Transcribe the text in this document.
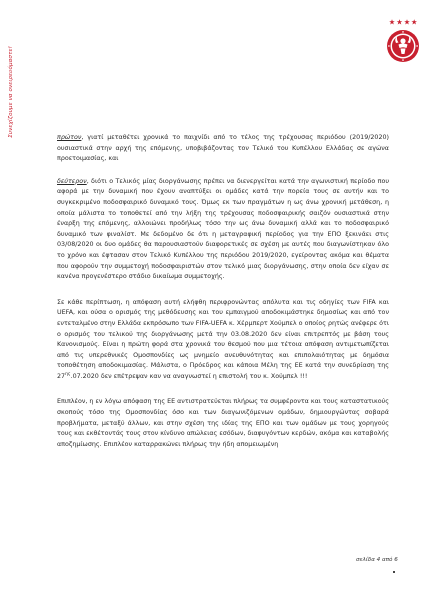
Συνεχίζουμε να ονειρευόμαστε!	πρώτον, γιατί μεταθέτει χρονικά το παιχνίδι από το τέλος της τρέχουσας περιόδου (2019/2020) ουσιαστικά στην αρχή της επόμενης, υποβιβάζοντας τον Τελικό του Κυπέλλου Ελλάδας σε αγώνα προετοιμασίας, και

δεύτερον, διότι ο Τελικός μίας διοργάνωσης πρέπει να διενεργείται κατά την αγωνιστική περίοδο που αφορά με την δυναμική που έχουν αναπτύξει οι ομάδες κατά την πορεία τους σε αυτήν και το συγκεκριμένο ποδοσφαιρικό δυναμικό τους. Όμως εκ των πραγμάτων η ως άνω χρονική μετάθεση, η οποία μάλιστα το τοποθετεί από την λήξη της τρέχουσας ποδοσφαιρικής σαιζόν ουσιαστικά στην έναρξη της επόμενης, αλλοιώνει προδήλως τόσο την ως άνω δυναμική αλλά και το ποδοσφαιρικό δυναμικό των φιναλίστ. Με δεδομένο δε ότι η μεταγραφική περίοδος για την ΕΠΟ ξεκινάει στις 03/08/2020 οι δυο ομάδες θα παρουσιαστούν διαφορετικές σε σχέση με αυτές που διαγωνίστηκαν όλο το χρόνο και έφτασαν στον Τελικό Κυπέλλου της περιόδου 2019/2020, εγείροντας ακόμα και θέματα που αφορούν την συμμετοχή ποδοσφαιριστών στον τελικό μιας διοργάνωσης, στην οποία δεν είχαν σε κανένα προγενέστερο στάδιο δικαίωμα συμμετοχής.

Σε κάθε περίπτωση, η απόφαση αυτή ελήφθη περιφρονώντας απόλυτα και τις οδηγίες των FIFA και UEFA, και ούσα ο ορισμός της μεθόδευσης και του εμπαιγμού αποδοκιμάστηκε δημοσίως και από τον εντεταλμένο στην Ελλάδα εκπρόσωπο των FIFA-UEFA κ. Χέρμπερτ Χούμπελ ο οποίος ρητώς ανέφερε ότι ο ορισμός του τελικού της διοργάνωσης μετά την 03.08.2020 δεν είναι επιτρεπτός με βάση τους Κανονισμούς. Είναι η πρώτη φορά στα χρονικά του θεσμού που μια τέτοια απόφαση αντιμετωπίζεται από τις υπερεθνικές Ομοσπονδίες ως μνημείο ανευθυνότητας και επιπολαιότητας με δημόσια τοποθέτηση αποδοκιμασίας. Μάλιστα, ο Πρόεδρος και κάποια Μέλη της ΕΕ κατά την συνεδρίαση της $27^{\eta\varsigma}.07.2020$ δεν επέτρεψαν καν να αναγνωστεί η επιστολή του κ. Χούμπελ !!!

Επιπλέον, η εν λόγω απόφαση της ΕΕ αντιστρατεύεται πλήρως τα συμφέροντα και τους καταστατικούς σκοπούς τόσο της Ομοσπονδίας όσο και των διαγωνιζόμενων ομάδων, δημιουργώντας σοβαρά προβλήματα, μεταξύ άλλων, και στην σχέση της ιδίας της ΕΠΟ και των ομάδων με τους χορηγούς τους και εκθέτοντάς τους στον κίνδυνο απώλειας εσόδων, διαφυγόντων κερδών, ακόμα και καταβολής αποζημίωσης. Επιπλέον καταρρακώνει πλήρως την ήδη απομειωμένη

σελίδα 4 από 6
